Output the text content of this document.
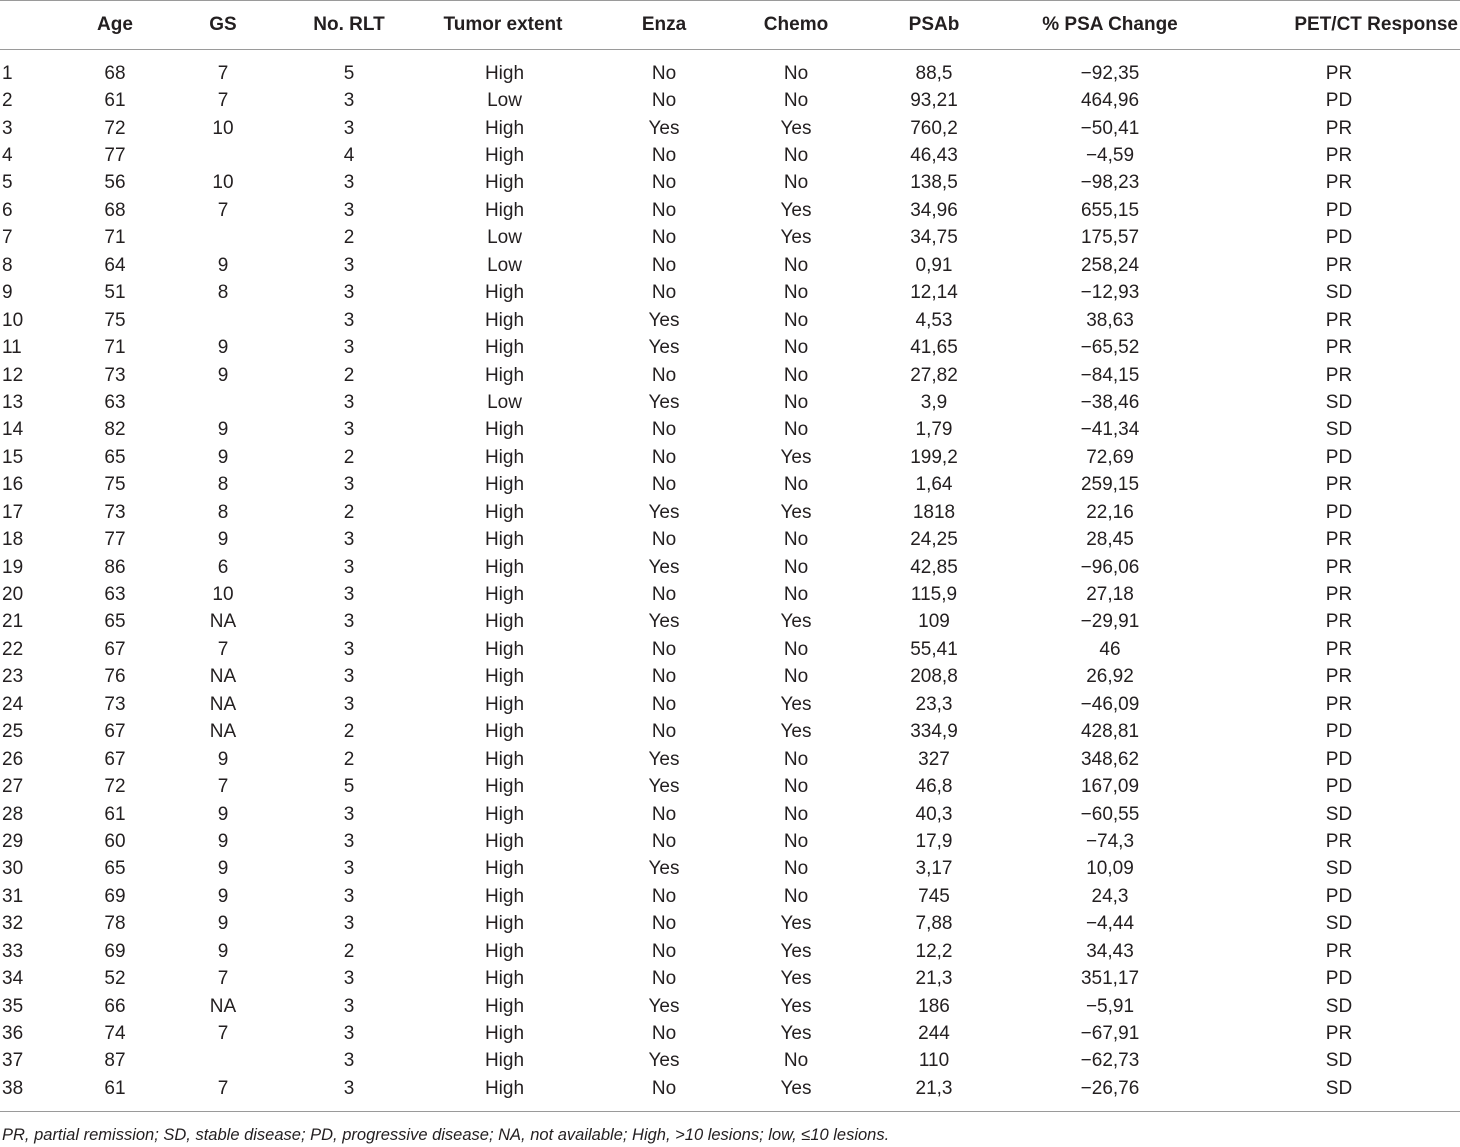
	Age	GS	No. RLT	Tumor extent	Enza	Chemo	PSAb	% PSA Change	PET/CT Response
1	68	7	5	High	No	No	88,5	−92,35	PR
2	61	7	3	Low	No	No	93,21	464,96	PD
3	72	10	3	High	Yes	Yes	760,2	−50,41	PR
4	77		4	High	No	No	46,43	−4,59	PR
5	56	10	3	High	No	No	138,5	−98,23	PR
6	68	7	3	High	No	Yes	34,96	655,15	PD
7	71		2	Low	No	Yes	34,75	175,57	PD
8	64	9	3	Low	No	No	0,91	258,24	PR
9	51	8	3	High	No	No	12,14	−12,93	SD
10	75		3	High	Yes	No	4,53	38,63	PR
11	71	9	3	High	Yes	No	41,65	−65,52	PR
12	73	9	2	High	No	No	27,82	−84,15	PR
13	63		3	Low	Yes	No	3,9	−38,46	SD
14	82	9	3	High	No	No	1,79	−41,34	SD
15	65	9	2	High	No	Yes	199,2	72,69	PD
16	75	8	3	High	No	No	1,64	259,15	PR
17	73	8	2	High	Yes	Yes	1818	22,16	PD
18	77	9	3	High	No	No	24,25	28,45	PR
19	86	6	3	High	Yes	No	42,85	−96,06	PR
20	63	10	3	High	No	No	115,9	27,18	PR
21	65	NA	3	High	Yes	Yes	109	−29,91	PR
22	67	7	3	High	No	No	55,41	46	PR
23	76	NA	3	High	No	No	208,8	26,92	PR
24	73	NA	3	High	No	Yes	23,3	−46,09	PR
25	67	NA	2	High	No	Yes	334,9	428,81	PD
26	67	9	2	High	Yes	No	327	348,62	PD
27	72	7	5	High	Yes	No	46,8	167,09	PD
28	61	9	3	High	No	No	40,3	−60,55	SD
29	60	9	3	High	No	No	17,9	−74,3	PR
30	65	9	3	High	Yes	No	3,17	10,09	SD
31	69	9	3	High	No	No	745	24,3	PD
32	78	9	3	High	No	Yes	7,88	−4,44	SD
33	69	9	2	High	No	Yes	12,2	34,43	PR
34	52	7	3	High	No	Yes	21,3	351,17	PD
35	66	NA	3	High	Yes	Yes	186	−5,91	SD
36	74	7	3	High	No	Yes	244	−67,91	PR
37	87		3	High	Yes	No	110	−62,73	SD
38	61	7	3	High	No	Yes	21,3	−26,76	SD
PR, partial remission; SD, stable disease; PD, progressive disease; NA, not available; High, >10 lesions; low, ≤10 lesions.
